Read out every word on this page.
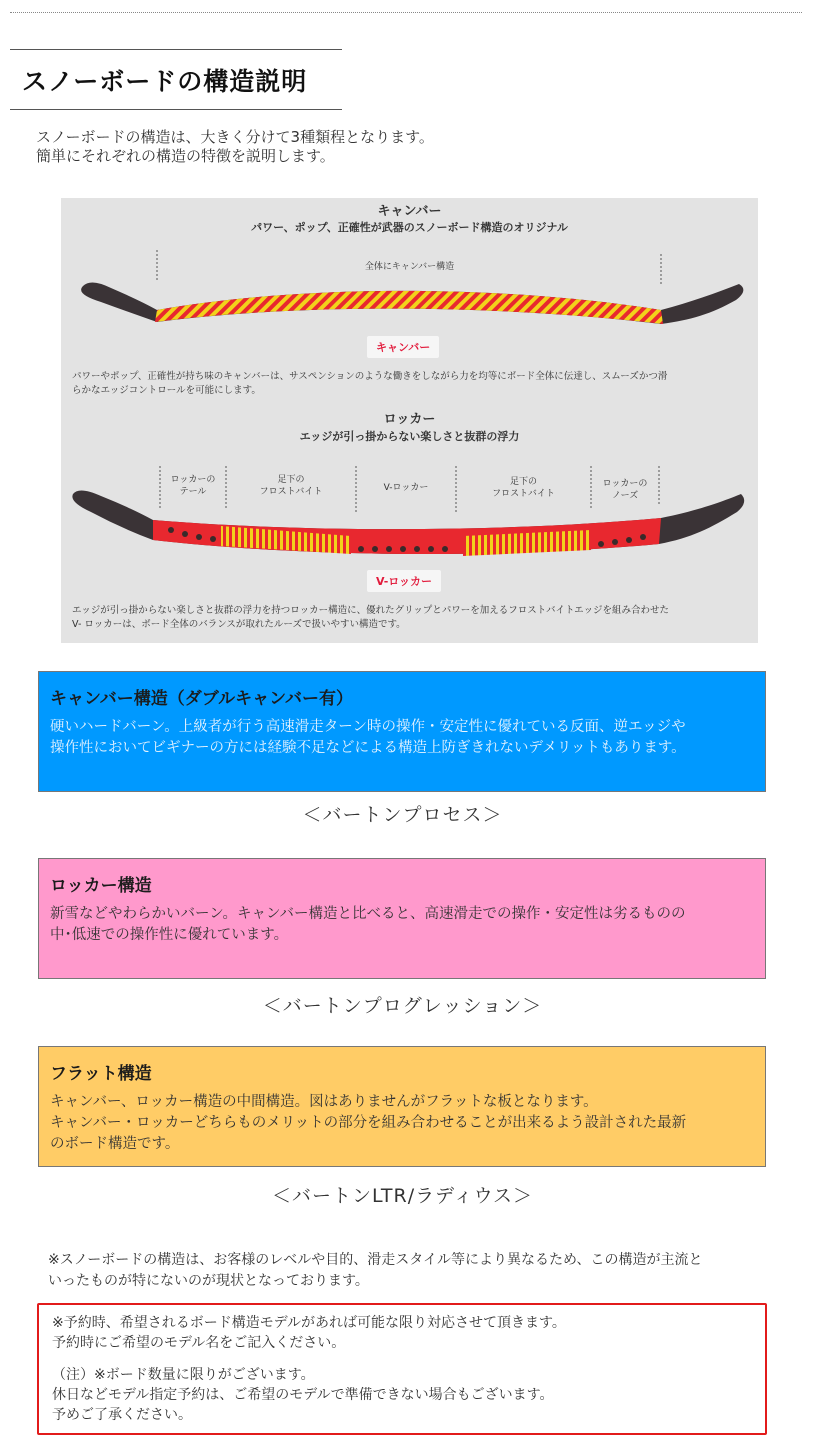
スノーボードの構造説明
スノーボードの構造は、大きく分けて3種類程となります。
簡単にそれぞれの構造の特徴を説明します。
キャンバー
パワー、ポップ、正確性が武器のスノーボード構造のオリジナル
全体にキャンバー構造
キャンバー
パワーやポップ、正確性が持ち味のキャンバーは、サスペンションのような働きをしながら力を均等にボード全体に伝達し、スムーズかつ滑
らかなエッジコントロールを可能にします。
ロッカー
エッジが引っ掛からない楽しさと抜群の浮力
ロッカーの
テール
足下の
フロストバイト	V-ロッカー
足下の
フロストバイト
ロッカーの
ノーズ
V-ロッカー
エッジが引っ掛からない楽しさと抜群の浮力を持つロッカー構造に、優れたグリップとパワーを加えるフロストバイトエッジを組み合わせた
V- ロッカーは、ボード全体のバランスが取れたルーズで扱いやすい構造です。
キャンバー構造（ダブルキャンバー有）

硬いハードバーン。上級者が行う高速滑走ターン時の操作・安定性に優れている反面、逆エッジや

操作性においてビギナーの方には経験不足などによる構造上防ぎきれないデメリットもあります。

＜バートンプロセス＞
ロッカー構造

新雪などやわらかいバーン。キャンバー構造と比べると、高速滑走での操作・安定性は劣るものの

中･低速での操作性に優れています。

＜バートンプログレッション＞
フラット構造

キャンバー、ロッカー構造の中間構造。図はありませんがフラットな板となります。

キャンバー・ロッカーどちらものメリットの部分を組み合わせることが出来るよう設計された最新

のボード構造です。

＜バートンLTR/ラディウス＞
※スノーボードの構造は、お客様のレベルや目的、滑走スタイル等により異なるため、この構造が主流と
いったものが特にないのが現状となっております。
※予約時、希望されるボード構造モデルがあれば可能な限り対応させて頂きます。
予約時にご希望のモデル名をご記入ください。
（注）※ボード数量に限りがございます。
休日などモデル指定予約は、ご希望のモデルで準備できない場合もございます。
予めご了承ください。
